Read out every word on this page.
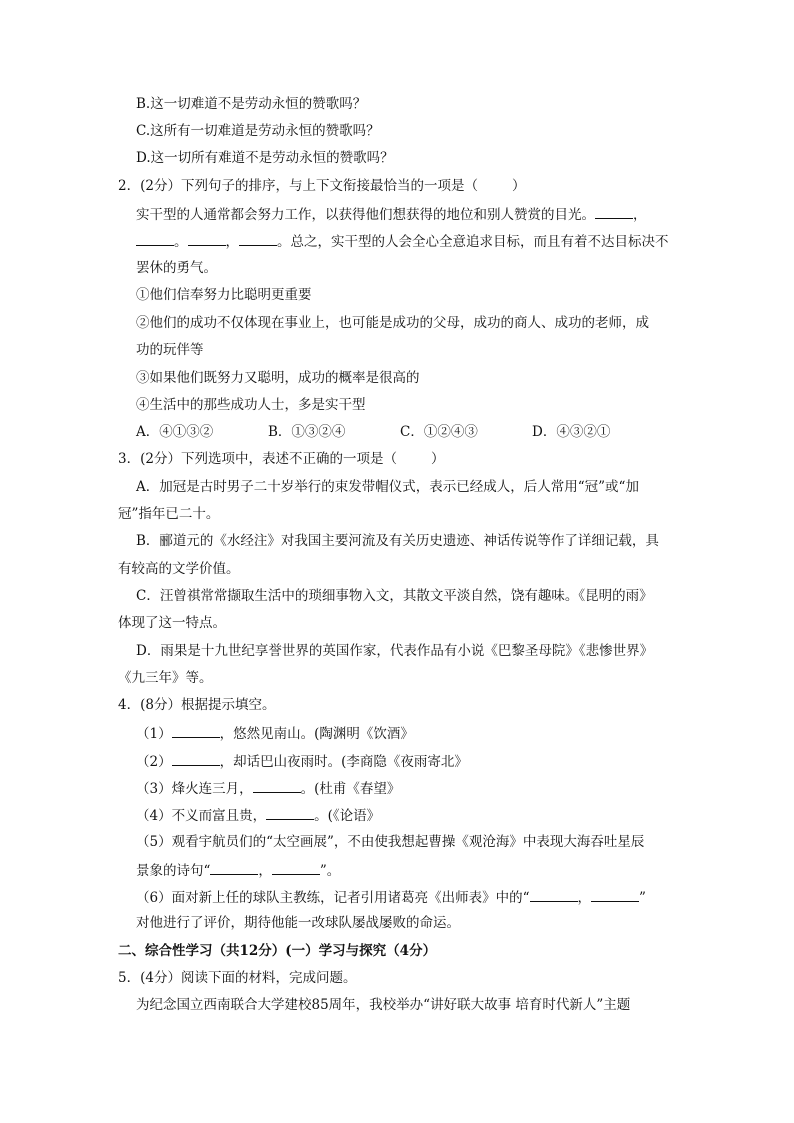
B.这一切难道不是劳动永恒的赞歌吗？
C.这所有一切难道是劳动永恒的赞歌吗？
D.这一切所有难道不是劳动永恒的赞歌吗？
2．(2分）下列句子的排序，与上下文衔接最恰当的一项是（	）
实干型的人通常都会努力工作，以获得他们想获得的地位和别人赞赏的目光。	，
。	，	。总之，实干型的人会全心全意追求目标，而且有着不达目标决不
罢休的勇气。
①他们信奉努力比聪明更重要
②他们的成功不仅体现在事业上，也可能是成功的父母，成功的商人、成功的老师，成
功的玩伴等
③如果他们既努力又聪明，成功的概率是很高的
④生活中的那些成功人士，多是实干型
A．④①③②	B．①③②④	C．①②④③	D．④③②①
3．(2分）下列选项中，表述不正确的一项是（	）
A．加冠是古时男子二十岁举行的束发带帽仪式，表示已经成人，后人常用“冠”或“加
冠”指年已二十。
B．郦道元的《水经注》对我国主要河流及有关历史遗迹、神话传说等作了详细记载，具
有较高的文学价值。
C．汪曾祺常常撷取生活中的琐细事物入文，其散文平淡自然，饶有趣味。《昆明的雨》
体现了这一特点。
D．雨果是十九世纪享誉世界的英国作家，代表作品有小说《巴黎圣母院》《悲惨世界》
《九三年》等。
4．(8分）根据提示填空。
（1）	，悠然见南山。(陶渊明《饮酒》
（2）	，却话巴山夜雨时。(李商隐《夜雨寄北》
（3）烽火连三月，	。(杜甫《春望》
（4）不义而富且贵，	。(《论语》
（5）观看宇航员们的“太空画展”，不由使我想起曹操《观沧海》中表现大海吞吐星辰
景象的诗句“	，	”。
（6）面对新上任的球队主教练，记者引用诸葛亮《出师表》中的“	，	”
对他进行了评价，期待他能一改球队屡战屡败的命运。
二、综合性学习（共12分）(一）学习与探究（4分）
5．(4分）阅读下面的材料，完成问题。
为纪念国立西南联合大学建校85周年，我校举办“讲好联大故事 培育时代新人”主题
